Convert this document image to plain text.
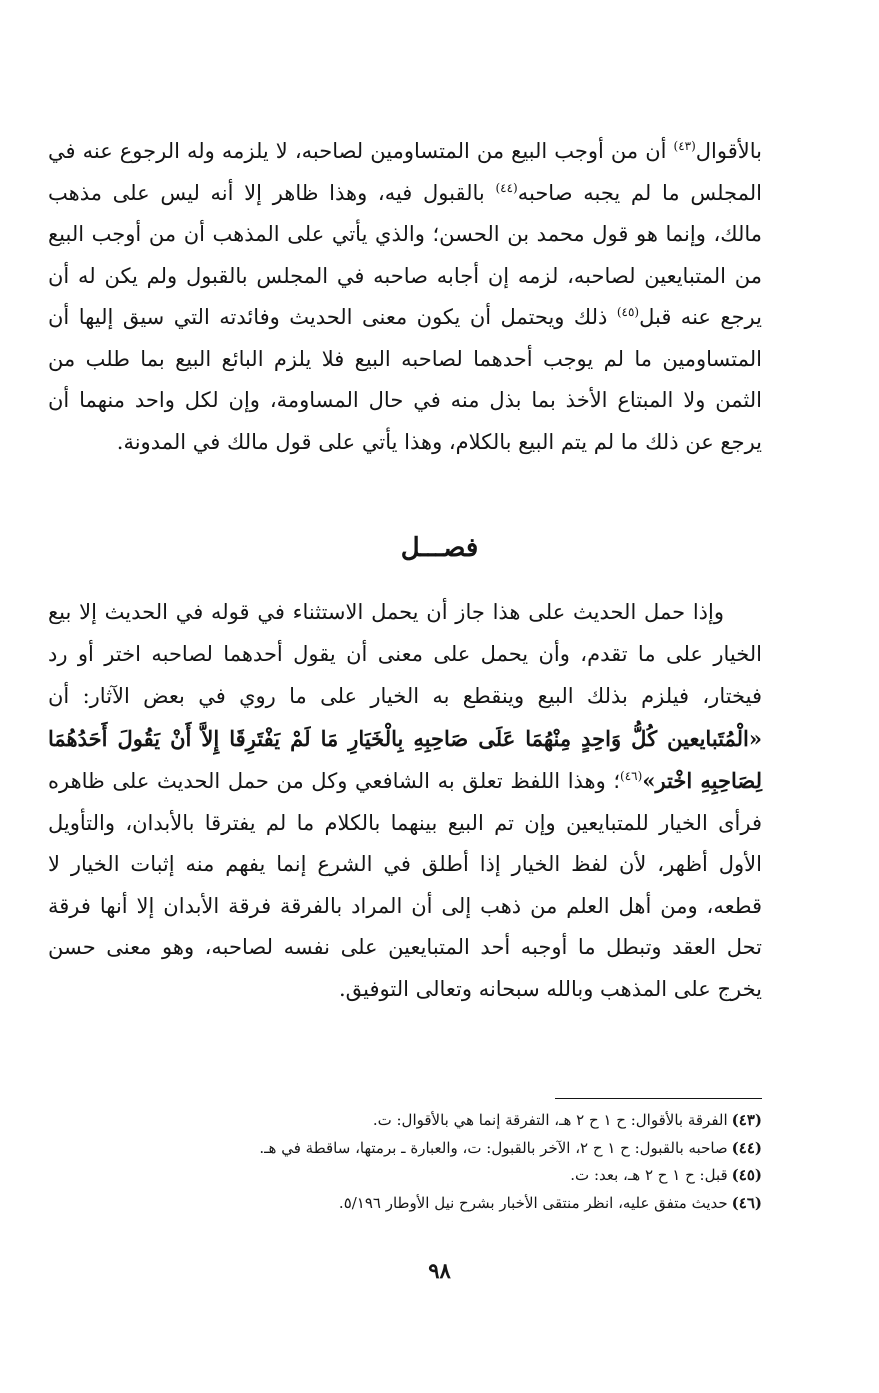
بالأقوال$^{(٤٣)}$ أن من أوجب البيع من المتساومين لصاحبه، لا يلزمه وله الرجوع عنه في المجلس ما لم يجبه صاحبه$^{(٤٤)}$ بالقبول فيه، وهذا ظاهر إلا أنه ليس على مذهب مالك، وإنما هو قول محمد بن الحسن؛ والذي يأتي على المذهب أن من أوجب البيع من المتبايعين لصاحبه، لزمه إن أجابه صاحبه في المجلس بالقبول ولم يكن له أن يرجع عنه قبل$^{(٤٥)}$ ذلك ويحتمل أن يكون معنى الحديث وفائدته التي سيق إليها أن المتساومين ما لم يوجب أحدهما لصاحبه البيع فلا يلزم البائع البيع بما طلب من الثمن ولا المبتاع الأخذ بما بذل منه في حال المساومة، وإن لكل واحد منهما أن يرجع عن ذلك ما لم يتم البيع بالكلام، وهذا يأتي على قول مالك في المدونة.

فصـــل

وإذا حمل الحديث على هذا جاز أن يحمل الاستثناء في قوله في الحديث إلا بيع الخيار على ما تقدم، وأن يحمل على معنى أن يقول أحدهما لصاحبه اختر أو رد فيختار، فيلزم بذلك البيع وينقطع به الخيار على ما روي في بعض الآثار: أن «الْمُتَبايعين كُلُّ وَاحِدٍ مِنْهُمَا عَلَى صَاحِبِهِ بِالْخَيَارِ مَا لَمْ يَفْتَرِقَا إِلاَّ أَنْ يَقُولَ أَحَدُهُمَا لِصَاحِبِهِ اخْتر»$^{(٤٦)}$؛ وهذا اللفظ تعلق به الشافعي وكل من حمل الحديث على ظاهره فرأى الخيار للمتبايعين وإن تم البيع بينهما بالكلام ما لم يفترقا بالأبدان، والتأويل الأول أظهر، لأن لفظ الخيار إذا أطلق في الشرع إنما يفهم منه إثبات الخيار لا قطعه، ومن أهل العلم من ذهب إلى أن المراد بالفرقة فرقة الأبدان إلا أنها فرقة تحل العقد وتبطل ما أوجبه أحد المتبايعين على نفسه لصاحبه، وهو معنى حسن يخرج على المذهب وبالله سبحانه وتعالى التوفيق.

(٤٣)الفرقة بالأقوال: ح ١ ح ٢ هـ، التفرقة إنما هي بالأقوال: ت.
(٤٤)صاحبه بالقبول: ح ١ ح ٢، الآخر بالقبول: ت، والعبارة ـ برمتها، ساقطة في هـ.
(٤٥)قبل: ح ١ ح ٢ هـ، بعد: ت.
(٤٦)حديث متفق عليه، انظر منتقى الأخبار بشرح نيل الأوطار ٥/١٩٦.
٩٨
